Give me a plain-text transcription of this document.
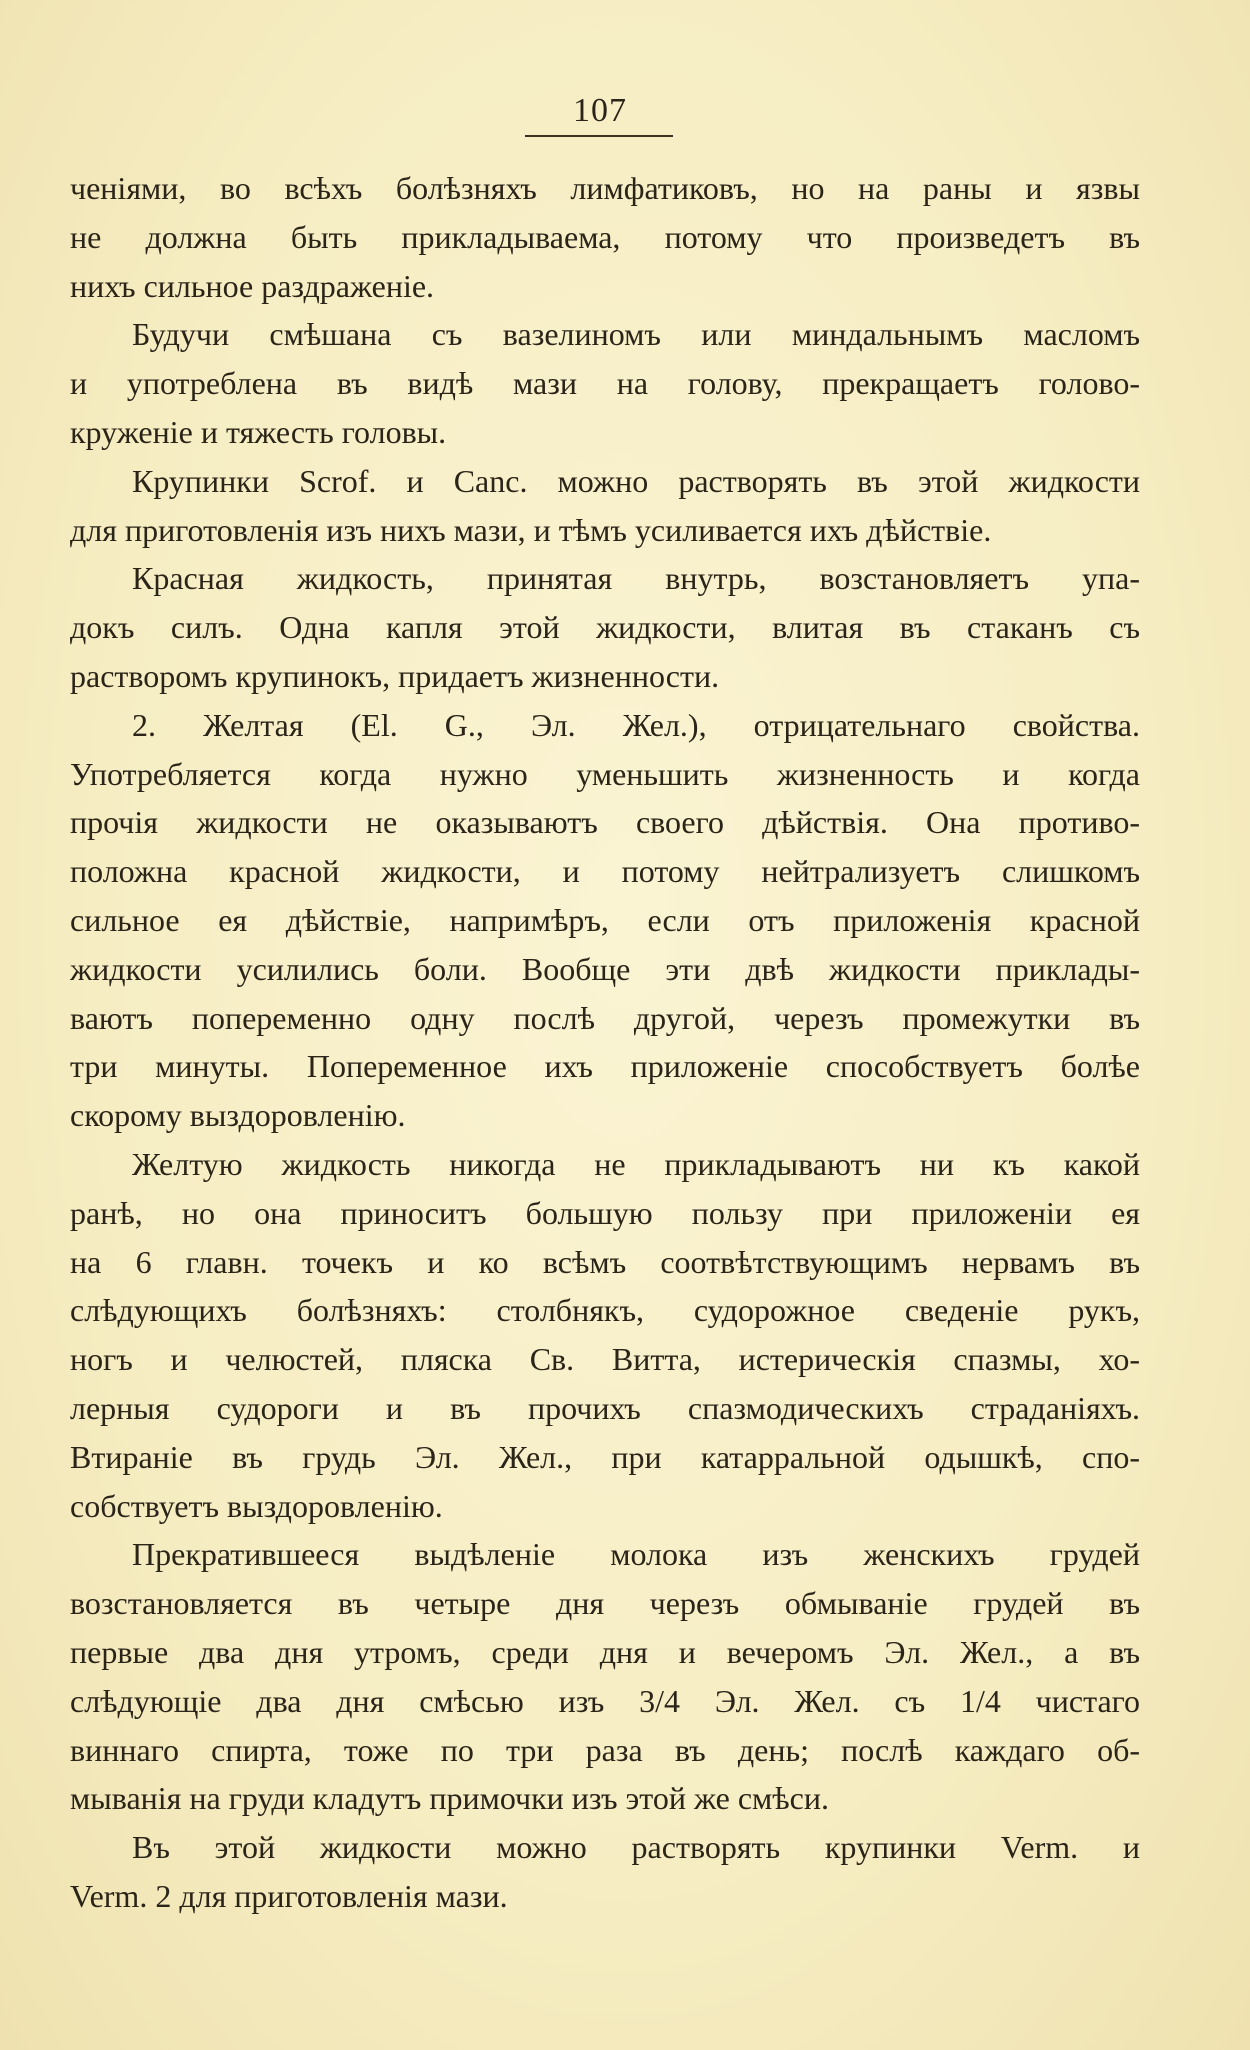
107
ченiями, во всѣхъ болѣзняхъ лимфатиковъ, но на раны и язвы
не должна быть прикладываема, потому что произведетъ въ
нихъ сильное раздраженiе.
Будучи смѣшана съ вазелиномъ или миндальнымъ масломъ
и употреблена въ видѣ мази на голову, прекращаетъ голово-
круженiе и тяжесть головы.
Крупинки Scrof. и Canc. можно растворять въ этой жидкости
для приготовленiя изъ нихъ мази, и тѣмъ усиливается ихъ дѣйствiе.
Красная жидкость, принятая внутрь, возстановляетъ упа-
докъ силъ. Одна капля этой жидкости, влитая въ стаканъ съ
растворомъ крупинокъ, придаетъ жизненности.
2. Желтая (El. G., Эл. Жел.), отрицательнаго свойства.
Употребляется когда нужно уменьшить жизненность и когда
прочiя жидкости не оказываютъ своего дѣйствiя. Она противо-
положна красной жидкости, и потому нейтрализуетъ слишкомъ
сильное ея дѣйствiе, напримѣръ, если отъ приложенiя красной
жидкости усилились боли. Вообще эти двѣ жидкости приклады-
ваютъ попеременно одну послѣ другой, черезъ промежутки въ
три минуты. Попеременное ихъ приложенiе способствуетъ болѣе
скорому выздоровленiю.
Желтую жидкость никогда не прикладываютъ ни къ какой
ранѣ, но она приноситъ большую пользу при приложенiи ея
на 6 главн. точекъ и ко всѣмъ соотвѣтствующимъ нервамъ въ
слѣдующихъ болѣзняхъ: столбнякъ, судорожное сведенiе рукъ,
ногъ и челюстей, пляска Св. Витта, истерическiя спазмы, хо-
лерныя судороги и въ прочихъ спазмодическихъ страданiяхъ.
Втиранiе въ грудь Эл. Жел., при катарральной одышкѣ, спо-
собствуетъ выздоровленiю.
Прекратившееся выдѣленiе молока изъ женскихъ грудей
возстановляется въ четыре дня черезъ обмыванiе грудей въ
первые два дня утромъ, среди дня и вечеромъ Эл. Жел., а въ
слѣдующiе два дня смѣсью изъ 3/4 Эл. Жел. съ 1/4 чистаго
виннаго спирта, тоже по три раза въ день; послѣ каждаго об-
мыванiя на груди кладутъ примочки изъ этой же смѣси.
Въ этой жидкости можно растворять крупинки Verm. и
Verm. 2 для приготовленiя мази.
